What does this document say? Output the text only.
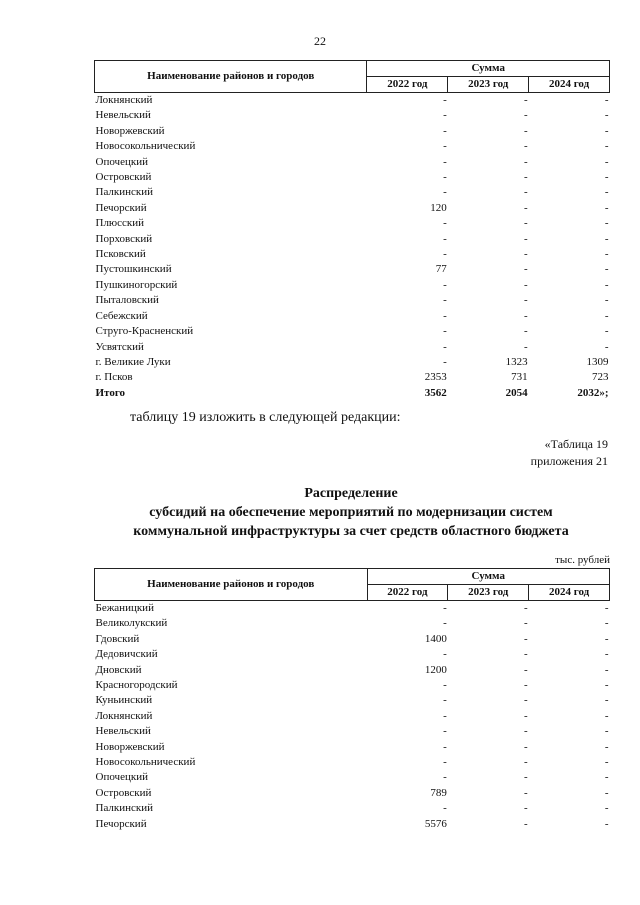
22
Наименование районов и городов	Сумма		
	2022 год	2023 год	2024 год
Локнянский	-	-	-
Невельский	-	-	-
Новоржевский	-	-	-
Новосокольнический	-	-	-
Опочецкий	-	-	-
Островский	-	-	-
Палкинский	-	-	-
Печорский	120	-	-
Плюсский	-	-	-
Порховский	-	-	-
Псковский	-	-	-
Пустошкинский	77	-	-
Пушкиногорский	-	-	-
Пыталовский	-	-	-
Себежский	-	-	-
Струго-Красненский	-	-	-
Усвятский	-	-	-
г. Великие Луки	-	1323	1309
г. Псков	2353	731	723
Итого	3562	2054	2032»;
таблицу 19 изложить в следующей редакции:
«Таблица 19
приложения 21
Распределение
субсидий на обеспечение мероприятий по модернизации систем
коммунальной инфраструктуры за счет средств областного бюджета
тыс. рублей
Наименование районов и городов	Сумма		
	2022 год	2023 год	2024 год
Бежаницкий	-	-	-
Великолукский	-	-	-
Гдовский	1400	-	-
Дедовичский	-	-	-
Дновский	1200	-	-
Красногородский	-	-	-
Куньинский	-	-	-
Локнянский	-	-	-
Невельский	-	-	-
Новоржевский	-	-	-
Новосокольнический	-	-	-
Опочецкий	-	-	-
Островский	789	-	-
Палкинский	-	-	-
Печорский	5576	-	-
